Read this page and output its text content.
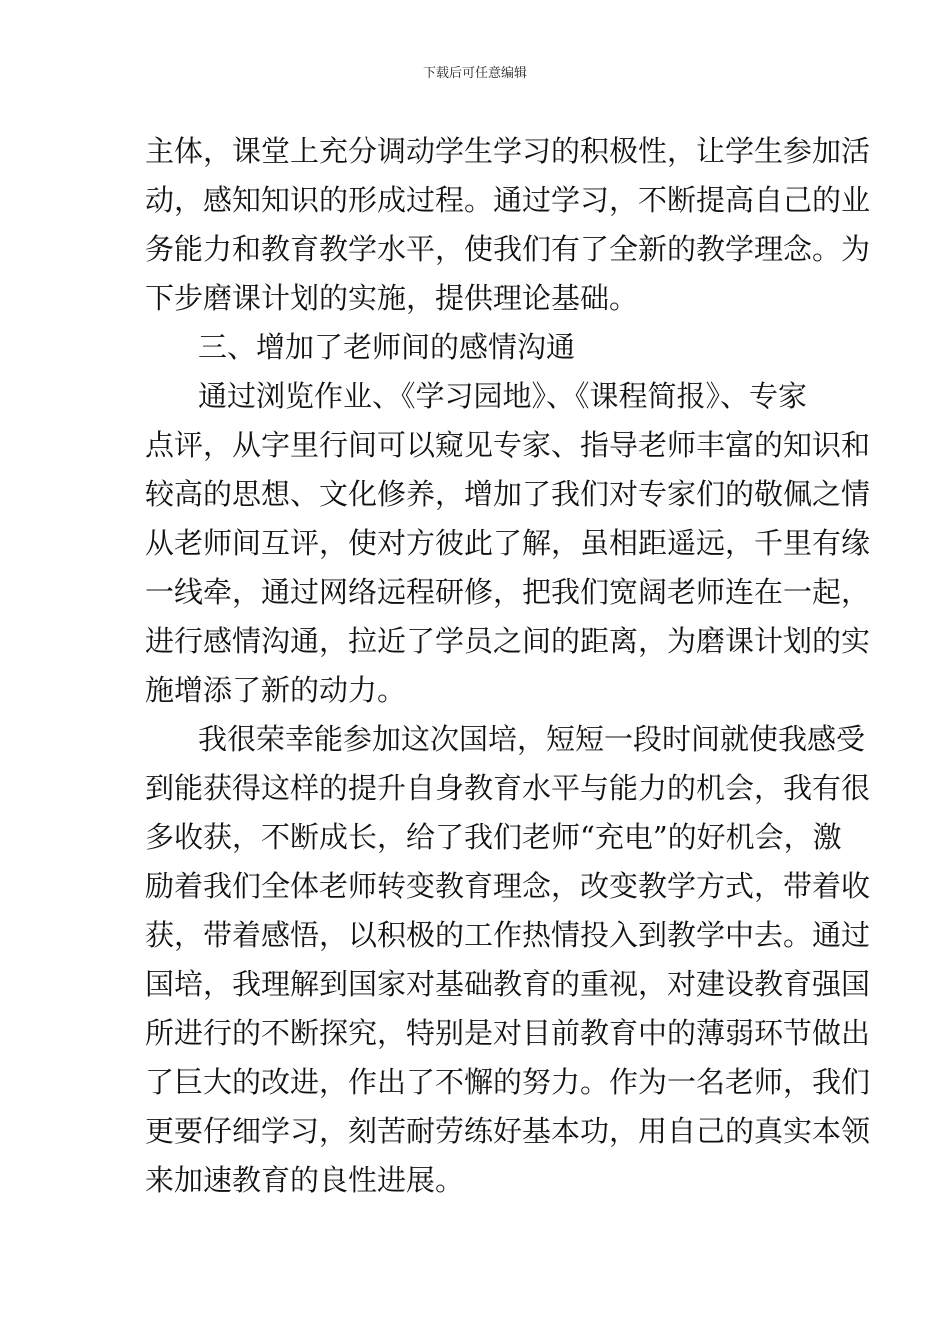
下载后可任意编辑
主体，课堂上充分调动学生学习的积极性，让学生参加活
动，感知知识的形成过程。通过学习，不断提高自己的业
务能力和教育教学水平，使我们有了全新的教学理念。为
下步磨课计划的实施，提供理论基础。
三、增加了老师间的感情沟通
通过浏览作业、《学习园地》、《课程简报》、专家
点评，从字里行间可以窥见专家、指导老师丰富的知识和
较高的思想、文化修养，增加了我们对专家们的敬佩之情
从老师间互评，使对方彼此了解，虽相距遥远，千里有缘
一线牵，通过网络远程研修，把我们宽阔老师连在一起，
进行感情沟通，拉近了学员之间的距离，为磨课计划的实
施增添了新的动力。
我很荣幸能参加这次国培，短短一段时间就使我感受
到能获得这样的提升自身教育水平与能力的机会，我有很
多收获，不断成长，给了我们老师“充电”的好机会，激
励着我们全体老师转变教育理念，改变教学方式，带着收
获，带着感悟，以积极的工作热情投入到教学中去。通过
国培，我理解到国家对基础教育的重视，对建设教育强国
所进行的不断探究，特别是对目前教育中的薄弱环节做出
了巨大的改进，作出了不懈的努力。作为一名老师，我们
更要仔细学习，刻苦耐劳练好基本功，用自己的真实本领
来加速教育的良性进展。
